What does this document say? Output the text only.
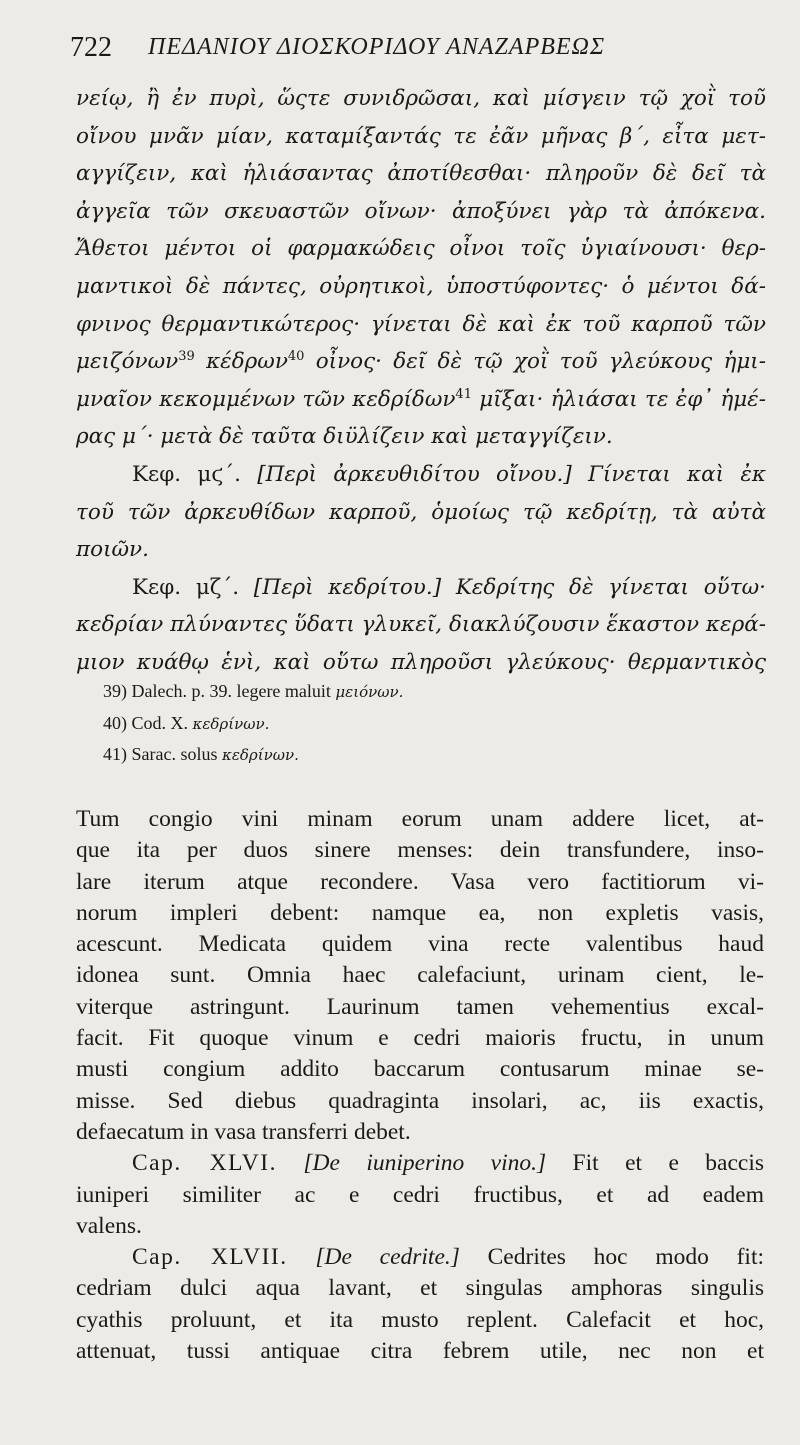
722 ΠΕΔΑΝΙΟΥ ΔΙΟΣΚΟΡΙΔΟΥ ΑΝΑΖΑΡΒΕΩΣ
νείῳ, ἢ ἐν πυρὶ, ὥςτε συνιδρῶσαι, καὶ μίσγειν τῷ χοῒ τοῦ
οἴνου μνᾶν μίαν, καταμίξαντάς τε ἐᾶν μῆνας β΄, εἶτα μετ-
αγγίζειν, καὶ ἡλιάσαντας ἀποτίθεσθαι· πληροῦν δὲ δεῖ τὰ
ἀγγεῖα τῶν σκευαστῶν οἴνων· ἀποξύνει γὰρ τὰ ἀπόκενα.
Ἄθετοι μέντοι οἱ φαρμακώδεις οἶνοι τοῖς ὑγιαίνουσι· θερ-
μαντικοὶ δὲ πάντες, οὐρητικοὶ, ὑποστύφοντες· ὁ μέντοι δά-
φνινος θερμαντικώτερος· γίνεται δὲ καὶ ἐκ τοῦ καρποῦ τῶν
μειζόνων$^{39}$ κέδρων$^{40}$ οἶνος· δεῖ δὲ τῷ χοῒ τοῦ γλεύκους ἡμι-
μναῖον κεκομμένων τῶν κεδρίδων$^{41}$ μῖξαι· ἡλιάσαι τε ἐφ᾿ ἡμέ-
ρας μ΄· μετὰ δὲ ταῦτα διϋλίζειν καὶ μεταγγίζειν.
Κεφ. μϛ΄. [Περὶ ἀρκευθιδίτου οἴνου.] Γίνεται καὶ ἐκ
τοῦ τῶν ἀρκευθίδων καρποῦ, ὁμοίως τῷ κεδρίτῃ, τὰ αὐτὰ
ποιῶν.
Κεφ. μζ΄. [Περὶ κεδρίτου.] Κεδρίτης δὲ γίνεται οὕτω·
κεδρίαν πλύναντες ὕδατι γλυκεῖ, διακλύζουσιν ἕκαστον κερά-
μιον κυάθῳ ἑνὶ, καὶ οὕτω πληροῦσι γλεύκους· θερμαντικὸς
39) Dalech. p. 39. legere maluit μειόνων.
40) Cod. X. κεδρίνων.
41) Sarac. solus κεδρίνων.
Tum congio vini minam eorum unam addere licet, at-
que ita per duos sinere menses: dein transfundere, inso-
lare iterum atque recondere. Vasa vero factitiorum vi-
norum impleri debent: namque ea, non expletis vasis,
acescunt. Medicata quidem vina recte valentibus haud
idonea sunt. Omnia haec calefaciunt, urinam cient, le-
viterque astringunt. Laurinum tamen vehementius excal-
facit. Fit quoque vinum e cedri maioris fructu, in unum
musti congium addito baccarum contusarum minae se-
misse. Sed diebus quadraginta insolari, ac, iis exactis,
defaecatum in vasa transferri debet.
Cap. XLVI. [De iuniperino vino.] Fit et e baccis
iuniperi similiter ac e cedri fructibus, et ad eadem
valens.
Cap. XLVII. [De cedrite.] Cedrites hoc modo fit:
cedriam dulci aqua lavant, et singulas amphoras singulis
cyathis proluunt, et ita musto replent. Calefacit et hoc,
attenuat, tussi antiquae citra febrem utile, nec non et
